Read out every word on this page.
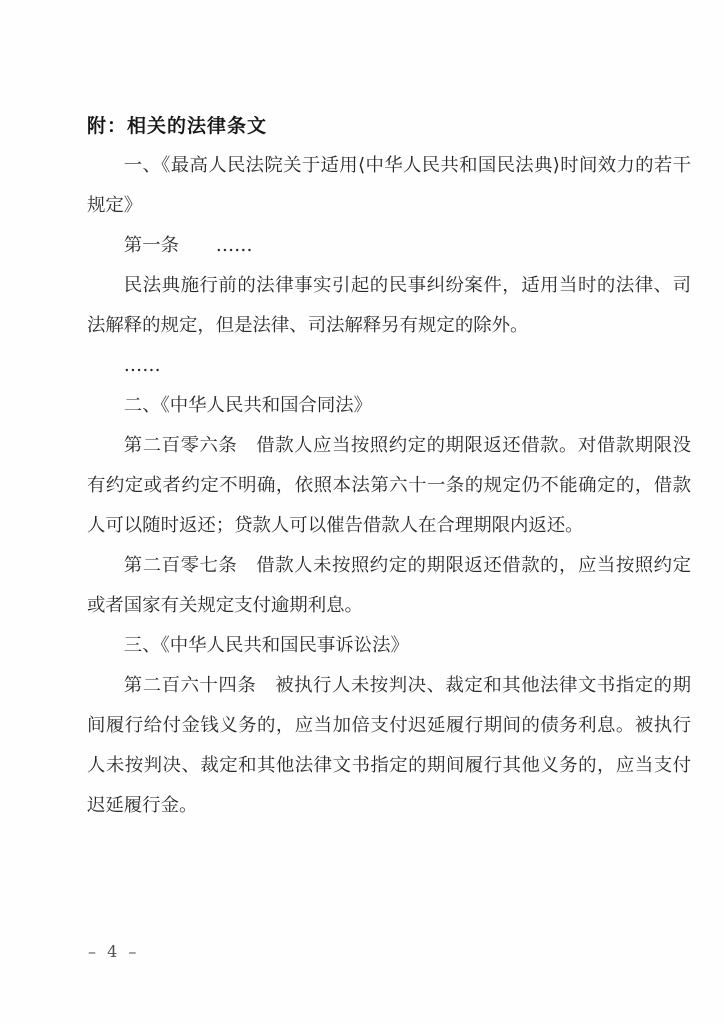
附：相关的法律条文

一、《最高人民法院关于适用⟨中华人民共和国民法典⟩时间效力的若干规定》

第一条　　……

民法典施行前的法律事实引起的民事纠纷案件，适用当时的法律、司法解释的规定，但是法律、司法解释另有规定的除外。

……

二、《中华人民共和国合同法》

第二百零六条　借款人应当按照约定的期限返还借款。对借款期限没有约定或者约定不明确，依照本法第六十一条的规定仍不能确定的，借款人可以随时返还；贷款人可以催告借款人在合理期限内返还。

第二百零七条　借款人未按照约定的期限返还借款的，应当按照约定或者国家有关规定支付逾期利息。

三、《中华人民共和国民事诉讼法》

第二百六十四条　被执行人未按判决、裁定和其他法律文书指定的期间履行给付金钱义务的，应当加倍支付迟延履行期间的债务利息。被执行人未按判决、裁定和其他法律文书指定的期间履行其他义务的，应当支付迟延履行金。

– 4 –
